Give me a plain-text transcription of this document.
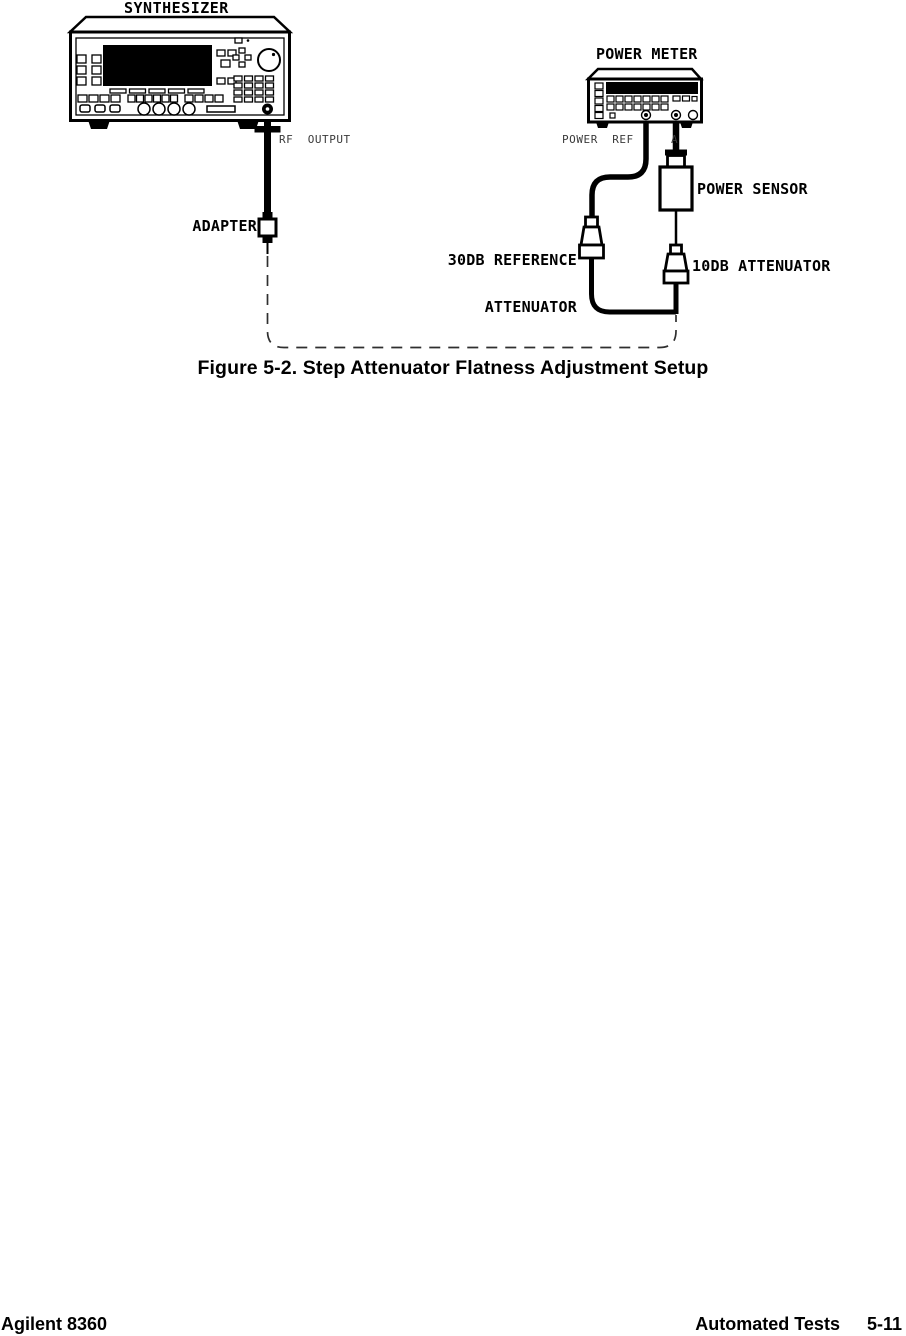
SYNTHESIZER
POWER METER
RF  OUTPUT	POWER  REF	A
ADAPTER
POWER SENSOR

30DB REFERENCE

ATTENUATOR

10DB ATTENUATOR
Figure 5-2. Step Attenuator Flatness Adjustment Setup
Agilent 8360	Automated Tests 5-11
